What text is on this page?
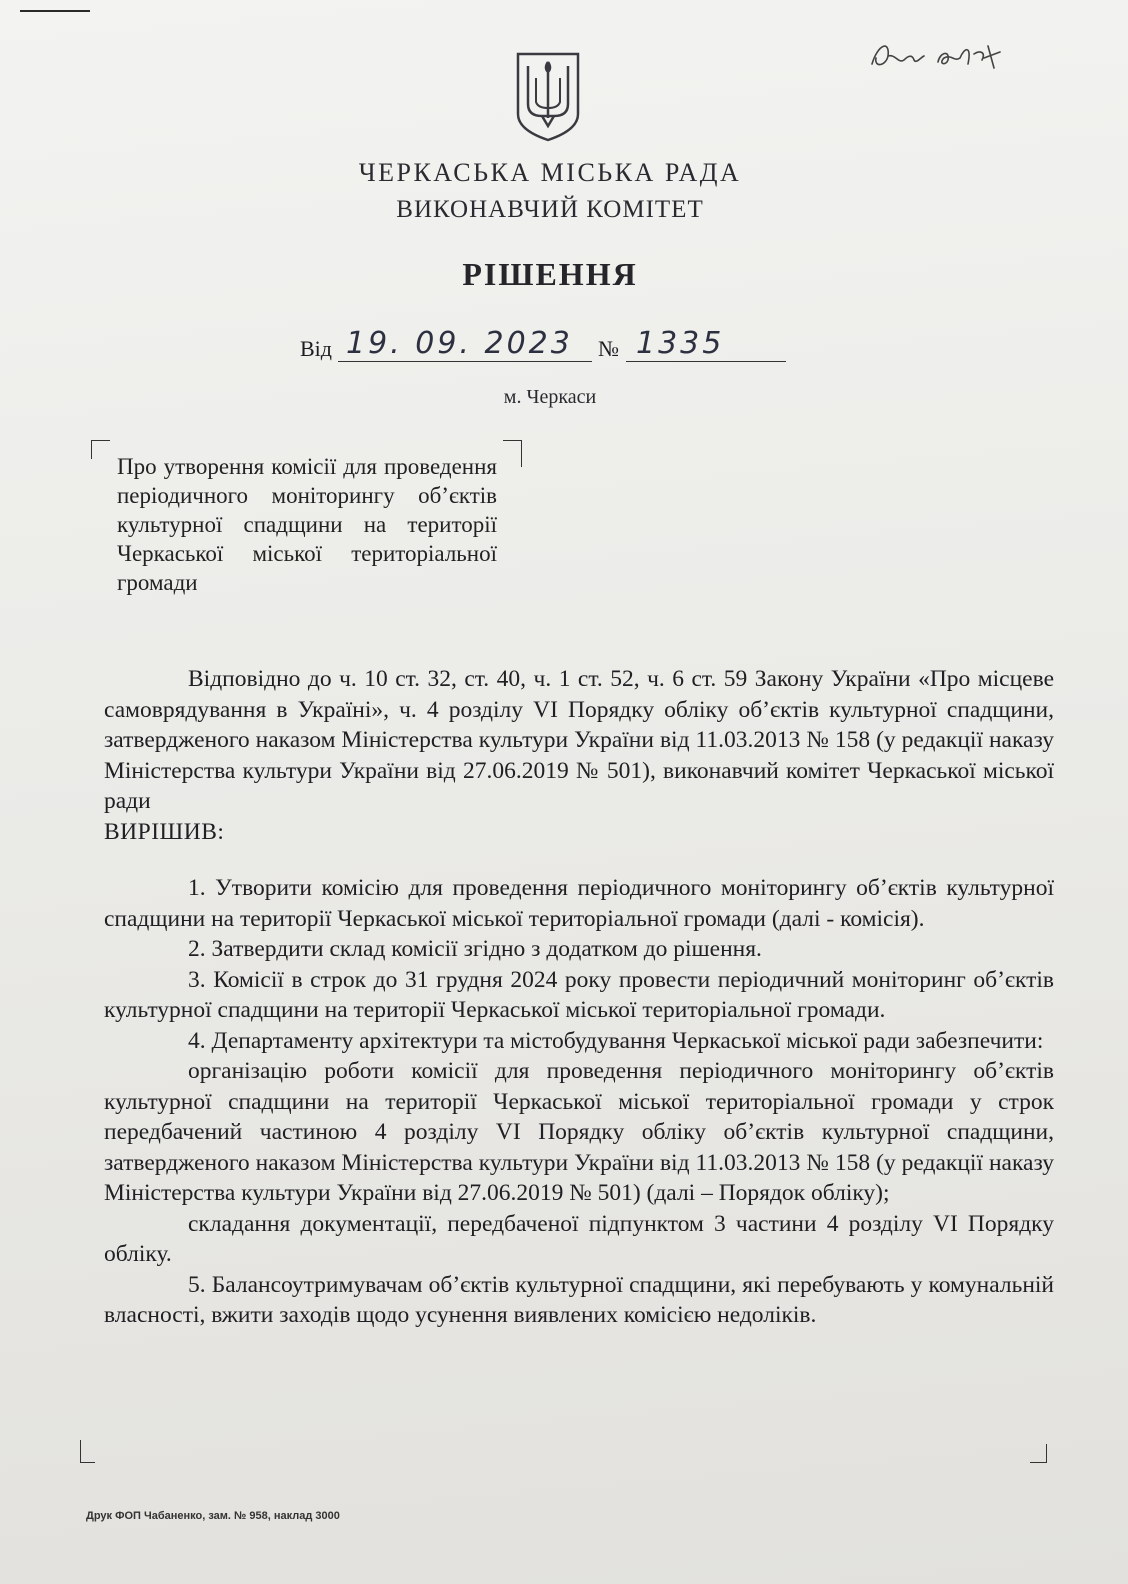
ЧЕРКАСЬКА МІСЬКА РАДА
ВИКОНАВЧИЙ КОМІТЕТ
РІШЕННЯ
Від 19. 09. 2023 № 1335
м. Черкаси
Про утворення комісії для проведення періодичного моніторингу об’єктів культурної спадщини на території Черкаської міської територіальної громади

Відповідно до ч. 10 ст. 32, ст. 40, ч. 1 ст. 52, ч. 6 ст. 59 Закону України «Про місцеве самоврядування в Україні», ч. 4 розділу VI Порядку обліку об’єктів культурної спадщини, затвердженого наказом Міністерства культури України від 11.03.2013 № 158 (у редакції наказу Міністерства культури України від 27.06.2019 № 501), виконавчий комітет Черкаської міської ради

ВИРІШИВ:

1. Утворити комісію для проведення періодичного моніторингу об’єктів культурної спадщини на території Черкаської міської територіальної громади (далі - комісія).

2. Затвердити склад комісії згідно з додатком до рішення.

3. Комісії в строк до 31 грудня 2024 року провести періодичний моніторинг об’єктів культурної спадщини на території Черкаської міської територіальної громади.

4. Департаменту архітектури та містобудування Черкаської міської ради забезпечити:

організацію роботи комісії для проведення періодичного моніторингу об’єктів культурної спадщини на території Черкаської міської територіальної громади у строк передбачений частиною 4 розділу VI Порядку обліку об’єктів культурної спадщини, затвердженого наказом Міністерства культури України від 11.03.2013 № 158 (у редакції наказу Міністерства культури України від 27.06.2019 № 501) (далі – Порядок обліку);

складання документації, передбаченої підпунктом 3 частини 4 розділу VI Порядку обліку.

5. Балансоутримувачам об’єктів культурної спадщини, які перебувають у комунальній власності, вжити заходів щодо усунення виявлених комісією недоліків.

Друк ФОП Чабаненко, зам. № 958, наклад 3000
